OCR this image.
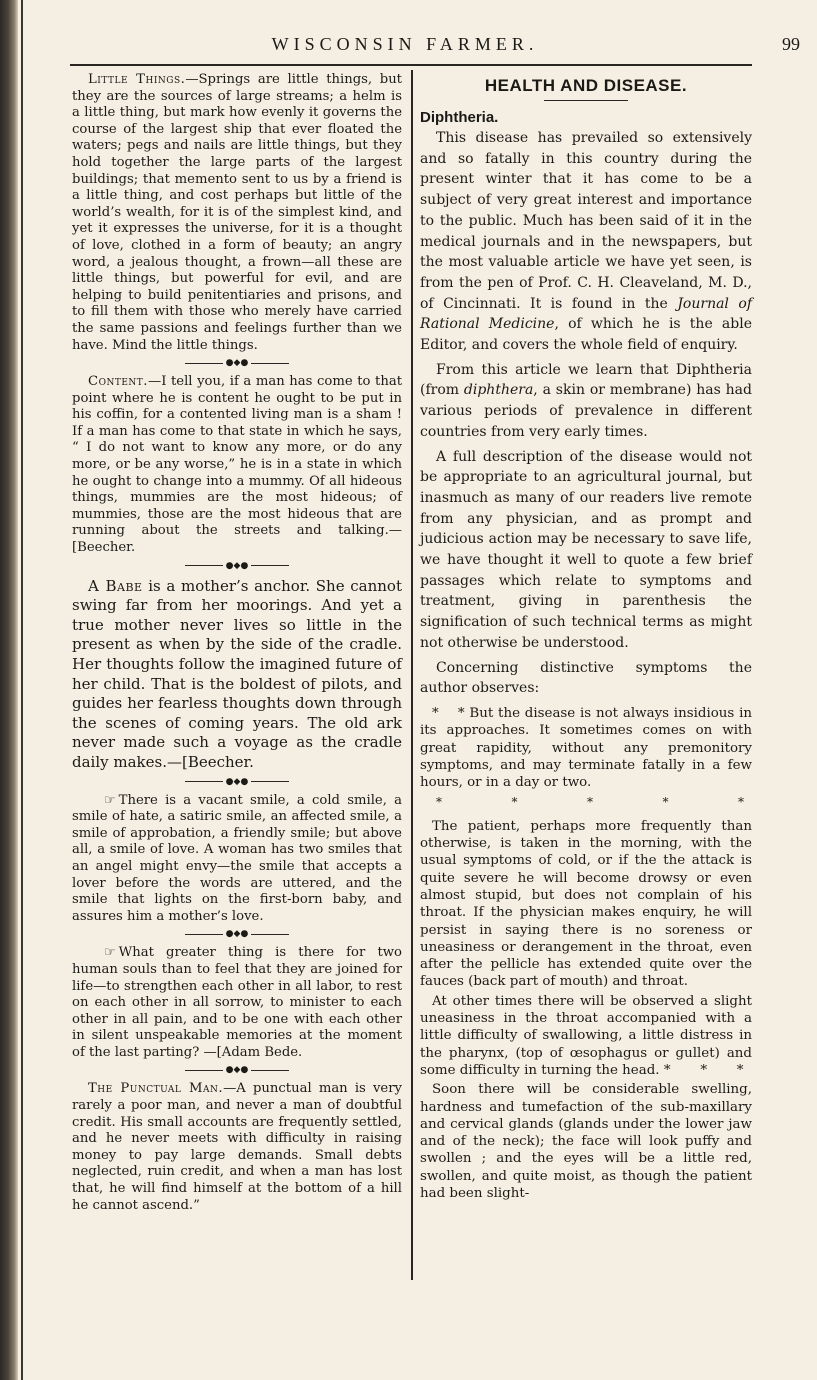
WISCONSIN FARMER.	99

Little Things.—Springs are little things, but they are the sources of large streams; a helm is a little thing, but mark how evenly it governs the course of the largest ship that ever floated the waters; pegs and nails are little things, but they hold together the large parts of the largest buildings; that memento sent to us by a friend is a little thing, and cost perhaps but little of the world’s wealth, for it is of the simplest kind, and yet it expresses the universe, for it is a thought of love, clothed in a form of beauty; an angry word, a jealous thought, a frown—all these are little things, but powerful for evil, and are helping to build penitentiaries and prisons, and to fill them with those who merely have carried the same passions and feelings further than we have. Mind the little things.

●◆●

Content.—I tell you, if a man has come to that point where he is content he ought to be put in his coffin, for a contented living man is a sham ! If a man has come to that state in which he says, “ I do not want to know any more, or do any more, or be any worse,” he is in a state in which he ought to change into a mummy. Of all hideous things, mummies are the most hideous; of mummies, those are the most hideous that are running about the streets and talking.—[Beecher.

●◆●

A Babe is a mother’s anchor. She cannot swing far from her moorings. And yet a true mother never lives so little in the present as when by the side of the cradle. Her thoughts follow the imagined future of her child. That is the boldest of pilots, and guides her fearless thoughts down through the scenes of coming years. The old ark never made such a voyage as the cradle daily makes.—[Beecher.

●◆●

☞ There is a vacant smile, a cold smile, a smile of hate, a satiric smile, an affected smile, a smile of approbation, a friendly smile; but above all, a smile of love. A woman has two smiles that an angel might envy—the smile that accepts a lover before the words are uttered, and the smile that lights on the first-born baby, and assures him a mother’s love.

●◆●

☞ What greater thing is there for two human souls than to feel that they are joined for life—to strengthen each other in all labor, to rest on each other in all sorrow, to minister to each other in all pain, and to be one with each other in silent unspeakable memories at the moment of the last parting? —[Adam Bede.

●◆●

The Punctual Man.—A punctual man is very rarely a poor man, and never a man of doubtful credit. His small accounts are frequently settled, and he never meets with difficulty in raising money to pay large demands. Small debts neglected, ruin credit, and when a man has lost that, he will find himself at the bottom of a hill he cannot ascend.”

HEALTH AND DISEASE.
Diphtheria.

This disease has prevailed so extensively and so fatally in this country during the present winter that it has come to be a subject of very great interest and importance to the public. Much has been said of it in the medical journals and in the newspapers, but the most valuable article we have yet seen, is from the pen of Prof. C. H. Cleaveland, M. D., of Cincinnati. It is found in the Journal of Rational Medicine, of which he is the able Editor, and covers the whole field of enquiry.

From this article we learn that Diphtheria (from diphthera, a skin or membrane) has had various periods of prevalence in different countries from very early times.

A full description of the disease would not be appropriate to an agricultural journal, but inasmuch as many of our readers live remote from any physician, and as prompt and judicious action may be necessary to save life, we have thought it well to quote a few brief passages which relate to symptoms and treatment, giving in parenthesis the signification of such technical terms as might not otherwise be understood.

Concerning distinctive symptoms the author observes:

*    * But the disease is not always insidious in its approaches. It sometimes comes on with great rapidity, without any premonitory symptoms, and may terminate fatally in a few hours, or in a day or two.

*	*	*	*	*

The patient, perhaps more frequently than otherwise, is taken in the morning, with the usual symptoms of cold, or if the the attack is quite severe he will become drowsy or even almost stupid, but does not complain of his throat. If the physician makes enquiry, he will persist in saying there is no soreness or uneasiness or derangement in the throat, even after the pellicle has extended quite over the fauces (back part of mouth) and throat.

At other times there will be observed a slight uneasiness in the throat accompanied with a little difficulty of swallowing, a little distress in the pharynx, (top of œsophagus or gullet) and some difficulty in turning the head. *       *       *

Soon there will be considerable swelling, hardness and tumefaction of the sub-maxillary and cervical glands (glands under the lower jaw and of the neck); the face will look puffy and swollen ; and the eyes will be a little red, swollen, and quite moist, as though the patient had been slight-
